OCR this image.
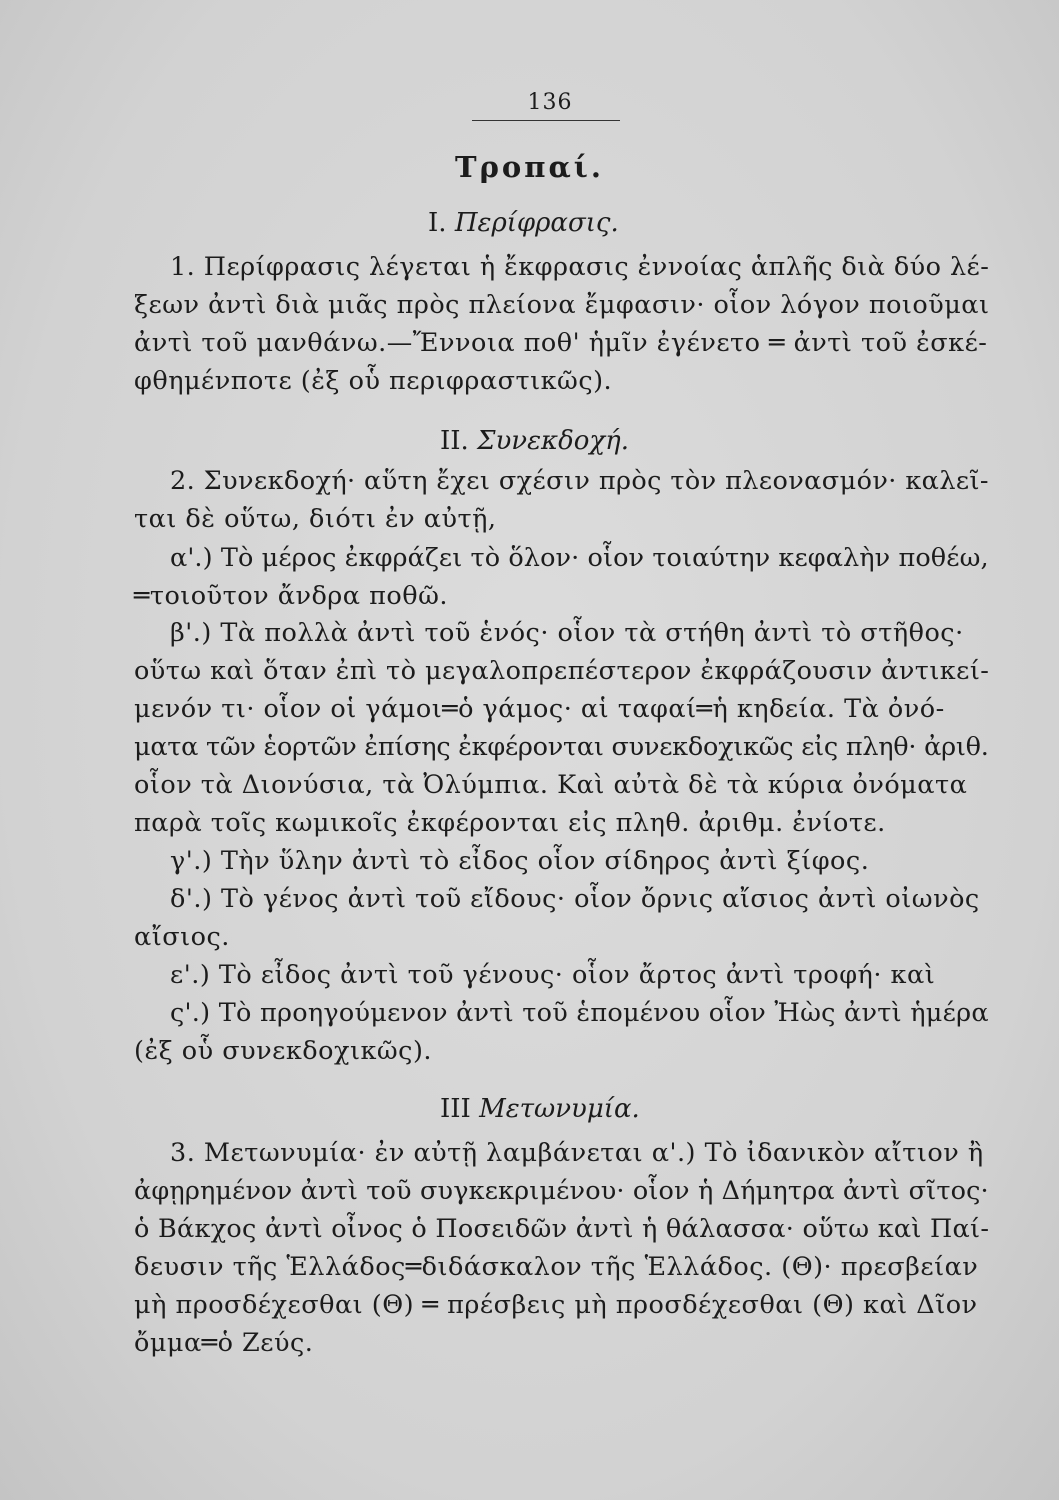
136
Τροπαί.
I. Περίφρασις.
1. Περίφρασις λέγεται ἡ ἔκφρασις ἐννοίας ἁπλῆς διὰ δύο λέ-
ξεων ἀντὶ διὰ μιᾶς πρὸς πλείονα ἔμφασιν· οἷον λόγον ποιοῦμαι
ἀντὶ τοῦ μανθάνω.—Ἔννοια ποθ' ἡμῖν ἐγένετο ═ ἀντὶ τοῦ ἐσκέ-
φθημένποτε (ἐξ οὗ περιφραστικῶς).
II. Συνεκδοχή.
2. Συνεκδοχή· αὕτη ἔχει σχέσιν πρὸς τὸν πλεονασμόν· καλεῖ-
ται δὲ οὕτω, διότι ἐν αὐτῇ,
α'.) Τὸ μέρος ἐκφράζει τὸ ὅλον· οἷον τοιαύτην κεφαλὴν ποθέω,
═τοιοῦτον ἄνδρα ποθῶ.
β'.) Τὰ πολλὰ ἀντὶ τοῦ ἑνός· οἷον τὰ στήθη ἀντὶ τὸ στῆθος·
οὕτω καὶ ὅταν ἐπὶ τὸ μεγαλοπρεπέστερον ἐκφράζουσιν ἀντικεί-
μενόν τι· οἷον οἱ γάμοι═ὁ γάμος· αἱ ταφαί═ἡ κηδεία. Τὰ ὀνό-
ματα τῶν ἑορτῶν ἐπίσης ἐκφέρονται συνεκδοχικῶς εἰς πληθ· ἀριθ.
οἷον τὰ Διονύσια, τὰ Ὀλύμπια. Καὶ αὐτὰ δὲ τὰ κύρια ὀνόματα
παρὰ τοῖς κωμικοῖς ἐκφέρονται εἰς πληθ. ἀριθμ. ἐνίοτε.
γ'.) Τὴν ὕλην ἀντὶ τὸ εἶδος οἷον σίδηρος ἀντὶ ξίφος.
δ'.) Τὸ γένος ἀντὶ τοῦ εἴδους· οἷον ὄρνις αἴσιος ἀντὶ οἰωνὸς
αἴσιος.
ε'.) Τὸ εἶδος ἀντὶ τοῦ γένους· οἷον ἄρτος ἀντὶ τροφή· καὶ
ς'.) Τὸ προηγούμενον ἀντὶ τοῦ ἑπομένου οἷον Ἠὼς ἀντὶ ἡμέρα
(ἐξ οὗ συνεκδοχικῶς).
III Μετωνυμία.
3. Μετωνυμία· ἐν αὐτῇ λαμβάνεται α'.) Τὸ ἰδανικὸν αἴτιον ἢ
ἀφῃρημένον ἀντὶ τοῦ συγκεκριμένου· οἷον ἡ Δήμητρα ἀντὶ σῖτος·
ὁ Βάκχος ἀντὶ οἶνος ὁ Ποσειδῶν ἀντὶ ἡ θάλασσα· οὕτω καὶ Παί-
δευσιν τῆς Ἑλλάδος═διδάσκαλον τῆς Ἑλλάδος. (Θ)· πρεσβείαν
μὴ προσδέχεσθαι (Θ) ═ πρέσβεις μὴ προσδέχεσθαι (Θ) καὶ Δῖον
ὄμμα═ὁ Ζεύς.
